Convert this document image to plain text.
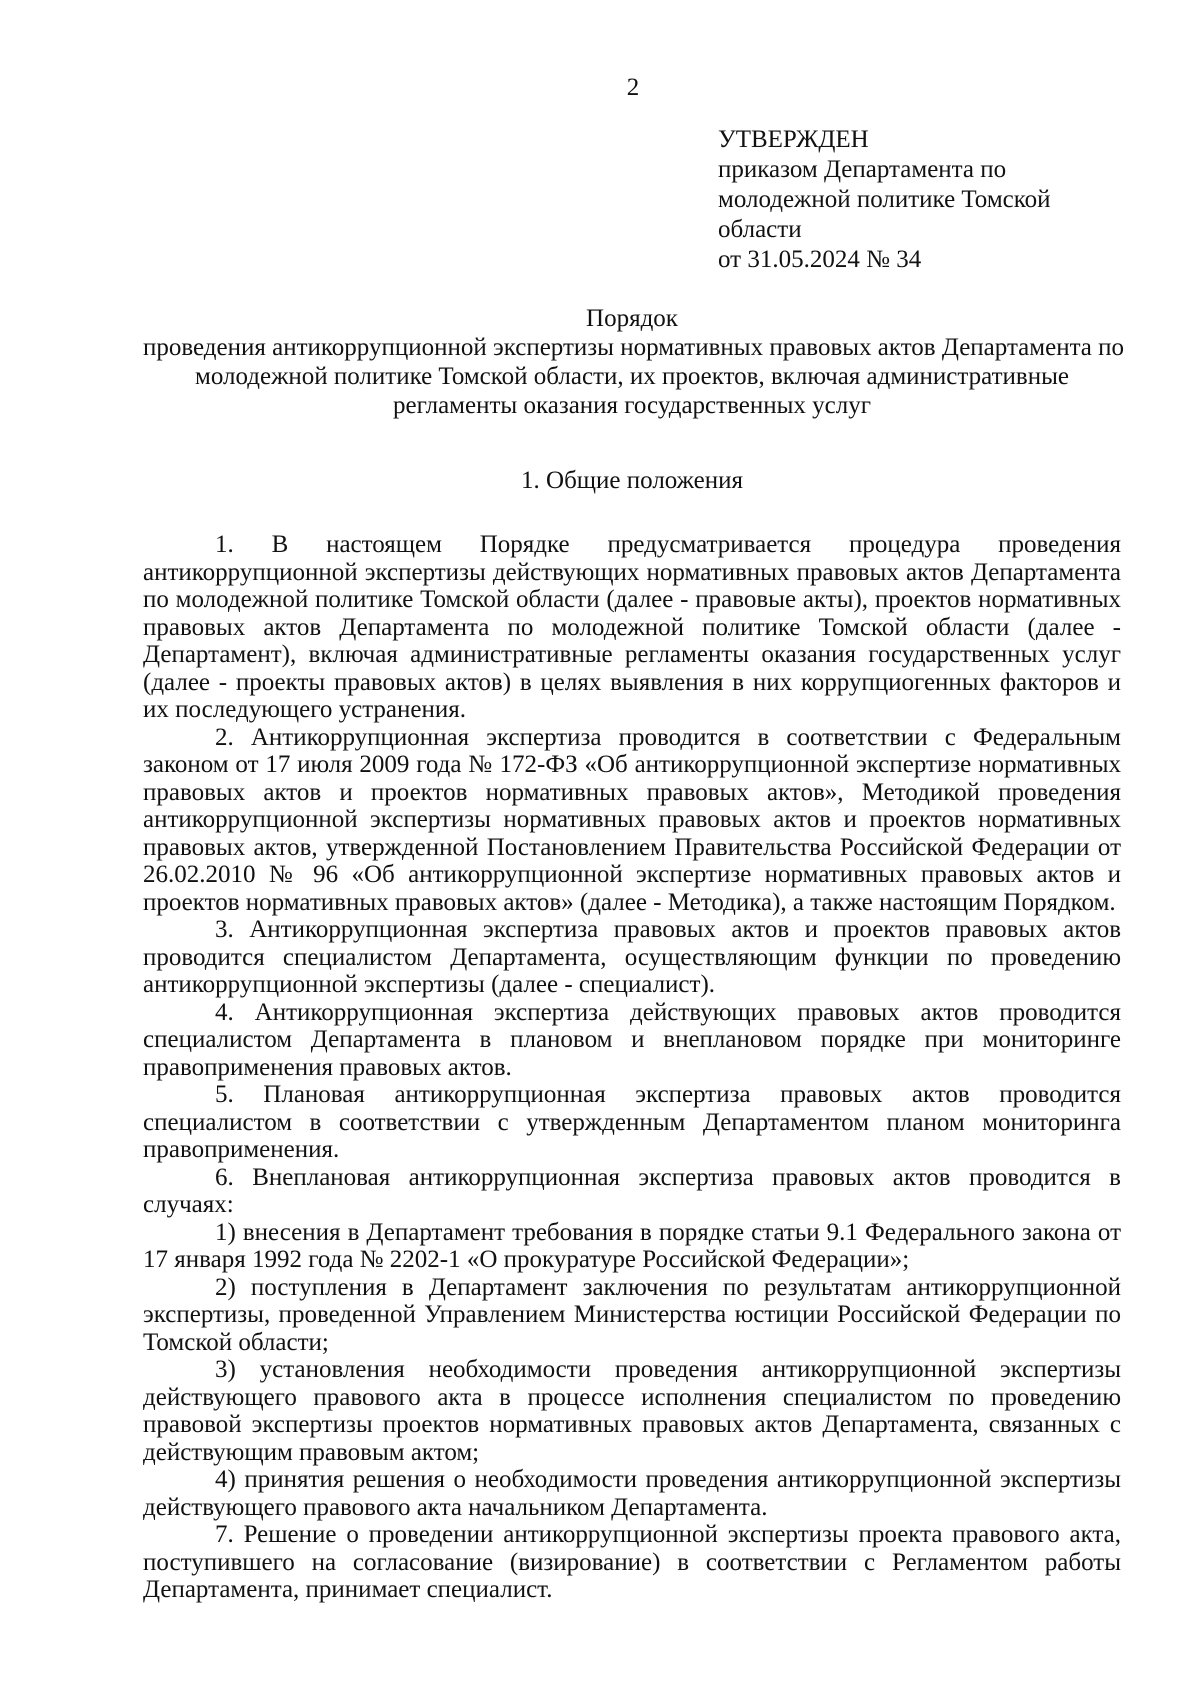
2
УТВЕРЖДЕН
приказом Департамента по
молодежной политике Томской
области
от 31.05.2024 № 34
Порядок
проведения антикоррупционной экспертизы нормативных правовых актов Департамента по
молодежной политике Томской области, их проектов, включая административные
регламенты оказания государственных услуг
1. Общие положения

1. В настоящем Порядке предусматривается процедура проведения антикоррупционной экспертизы действующих нормативных правовых актов Департамента по молодежной политике Томской области (далее - правовые акты), проектов нормативных правовых актов Департамента по молодежной политике Томской области (далее - Департамент), включая административные регламенты оказания государственных услуг (далее - проекты правовых актов) в целях выявления в них коррупциогенных факторов и их последующего устранения.

2. Антикоррупционная экспертиза проводится в соответствии с Федеральным законом от 17 июля 2009 года № 172-ФЗ «Об антикоррупционной экспертизе нормативных правовых актов и проектов нормативных правовых актов», Методикой проведения антикоррупционной экспертизы нормативных правовых актов и проектов нормативных правовых актов, утвержденной Постановлением Правительства Российской Федерации от 26.02.2010 № 96 «Об антикоррупционной экспертизе нормативных правовых актов и проектов нормативных правовых актов» (далее - Методика), а также настоящим Порядком.

3. Антикоррупционная экспертиза правовых актов и проектов правовых актов проводится специалистом Департамента, осуществляющим функции по проведению антикоррупционной экспертизы (далее - специалист).

4. Антикоррупционная экспертиза действующих правовых актов проводится специалистом Департамента в плановом и внеплановом порядке при мониторинге правоприменения правовых актов.

5. Плановая антикоррупционная экспертиза правовых актов проводится специалистом в соответствии с утвержденным Департаментом планом мониторинга правоприменения.

6. Внеплановая антикоррупционная экспертиза правовых актов проводится в случаях:

1) внесения в Департамент требования в порядке статьи 9.1 Федерального закона от 17 января 1992 года № 2202-1 «О прокуратуре Российской Федерации»;

2) поступления в Департамент заключения по результатам антикоррупционной экспертизы, проведенной Управлением Министерства юстиции Российской Федерации по Томской области;

3) установления необходимости проведения антикоррупционной экспертизы действующего правового акта в процессе исполнения специалистом по проведению правовой экспертизы проектов нормативных правовых актов Департамента, связанных с действующим правовым актом;

4) принятия решения о необходимости проведения антикоррупционной экспертизы действующего правового акта начальником Департамента.

7. Решение о проведении антикоррупционной экспертизы проекта правового акта, поступившего на согласование (визирование) в соответствии с Регламентом работы Департамента, принимает специалист.
